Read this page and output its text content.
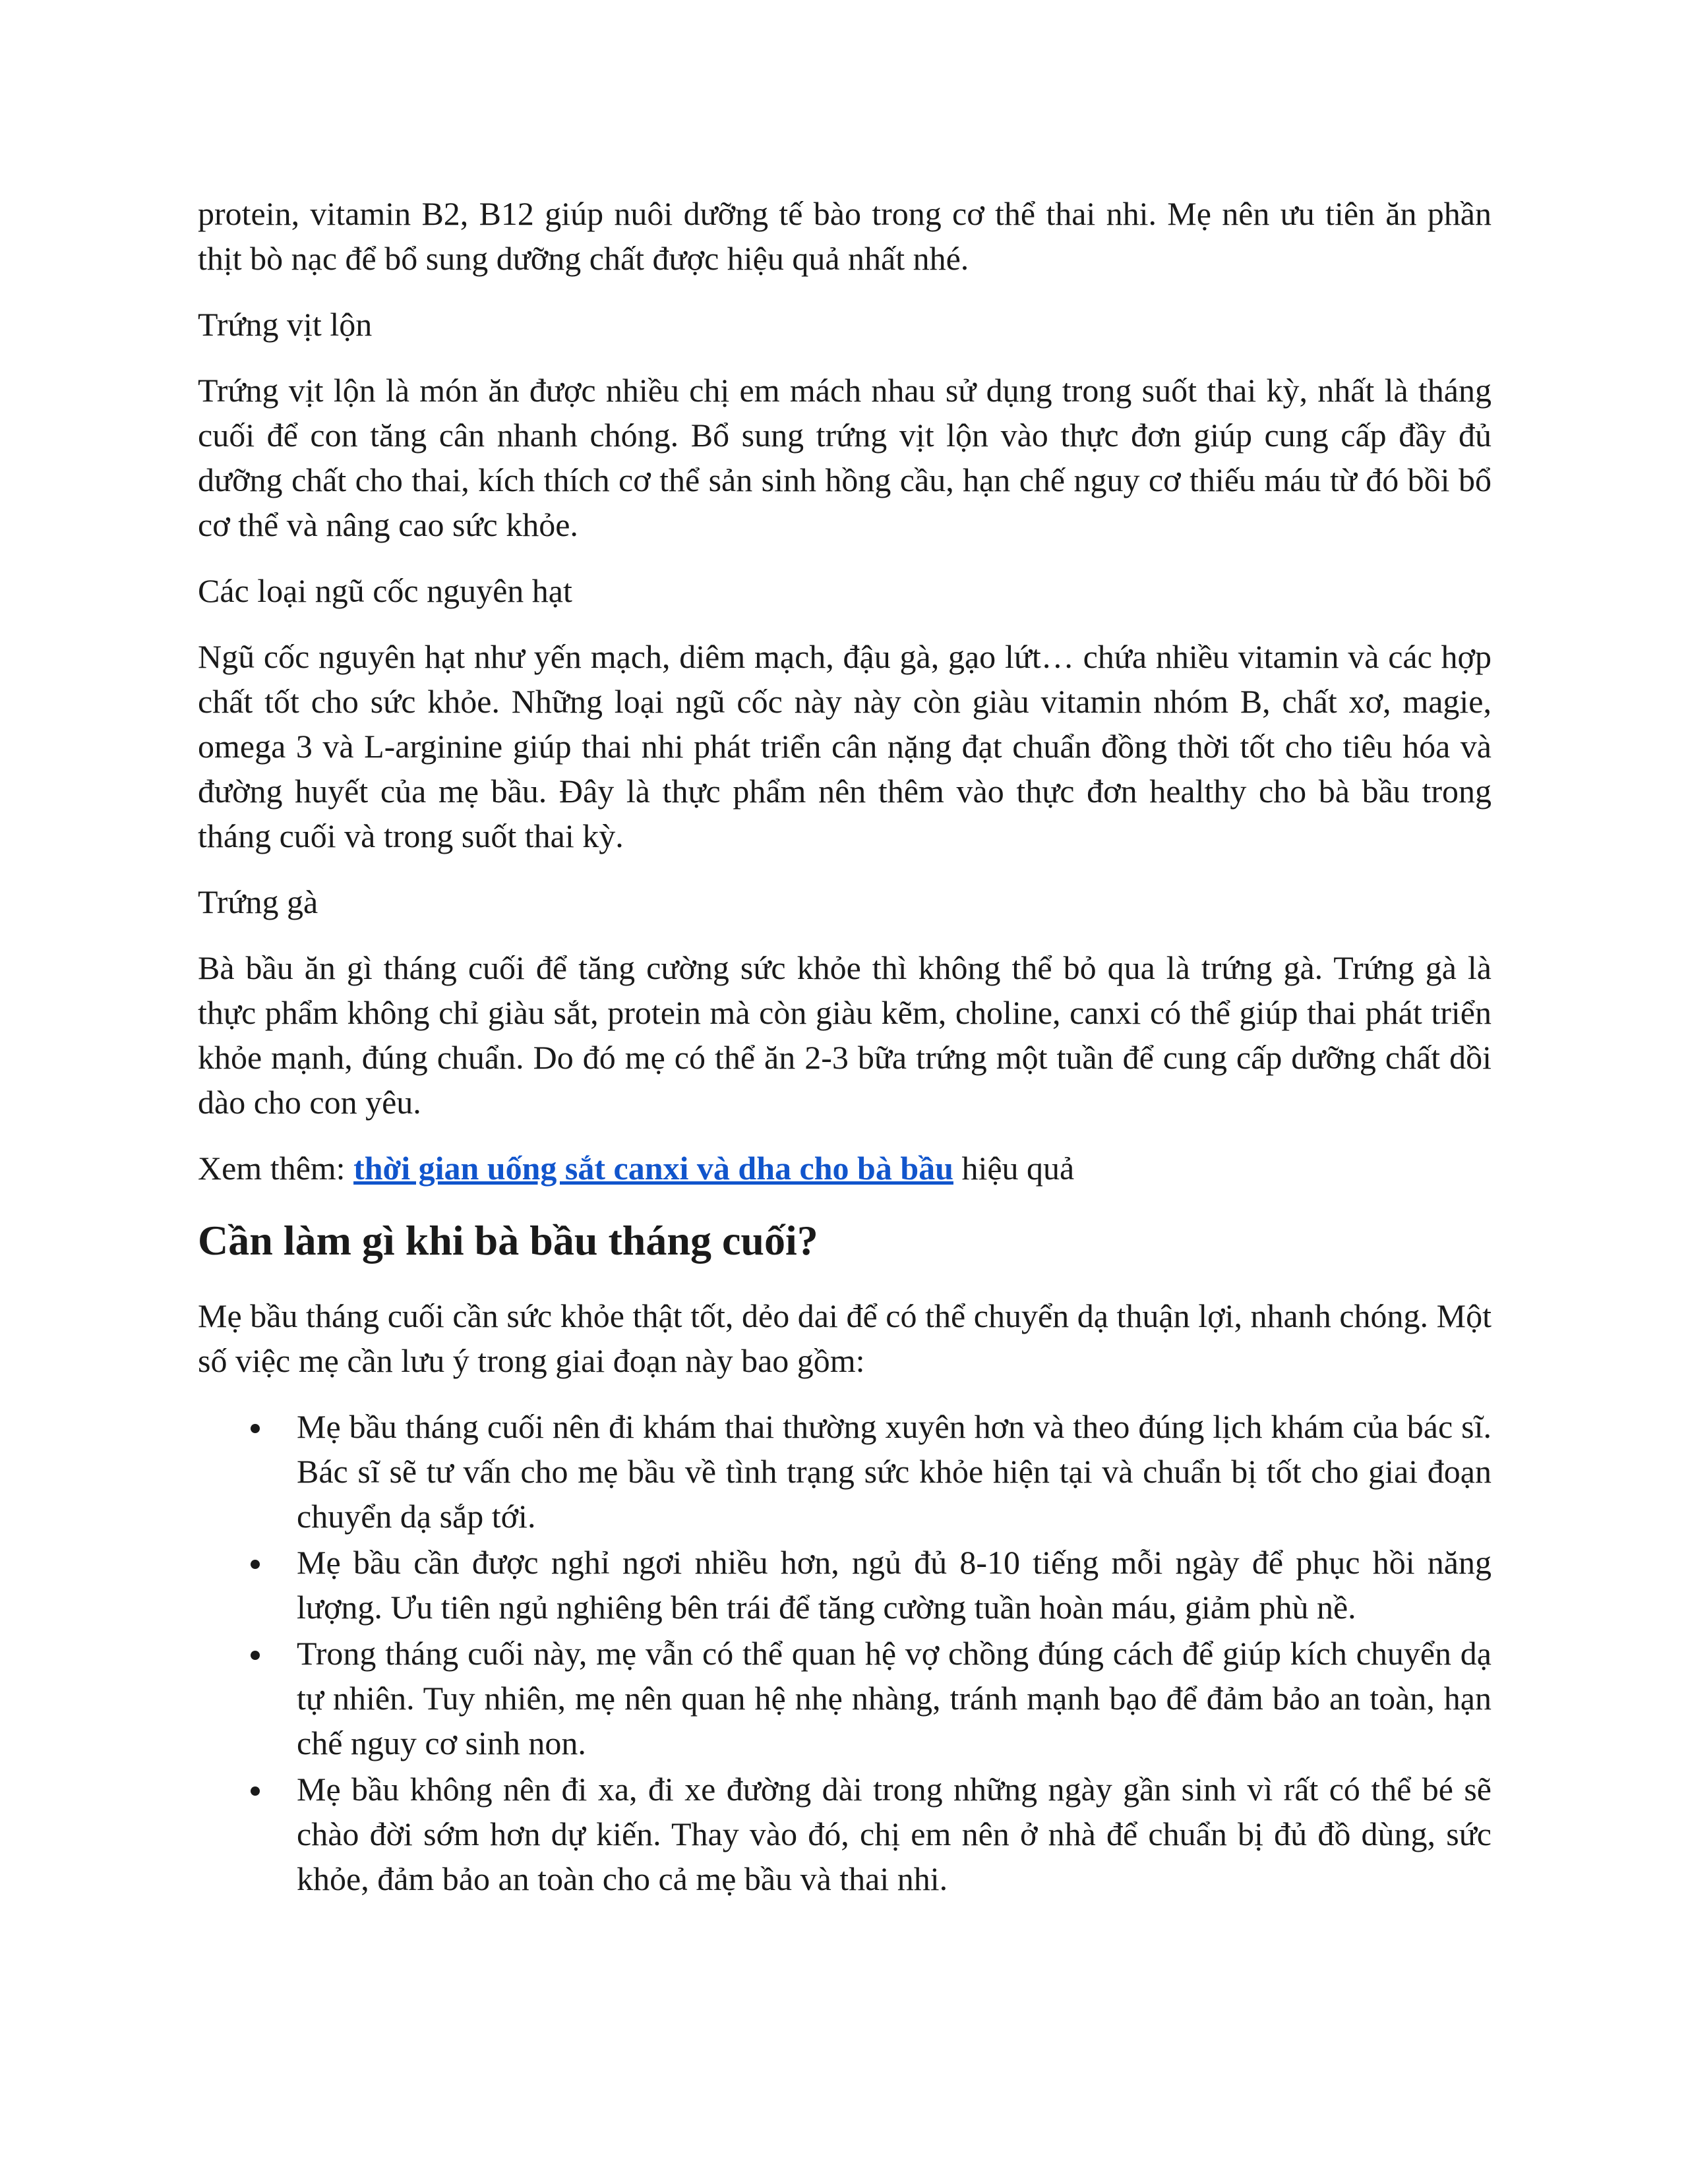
protein, vitamin B2, B12 giúp nuôi dưỡng tế bào trong cơ thể thai nhi. Mẹ nên ưu tiên ăn phần thịt bò nạc để bổ sung dưỡng chất được hiệu quả nhất nhé.

Trứng vịt lộn

Trứng vịt lộn là món ăn được nhiều chị em mách nhau sử dụng trong suốt thai kỳ, nhất là tháng cuối để con tăng cân nhanh chóng. Bổ sung trứng vịt lộn vào thực đơn giúp cung cấp đầy đủ dưỡng chất cho thai, kích thích cơ thể sản sinh hồng cầu, hạn chế nguy cơ thiếu máu từ đó bồi bổ cơ thể và nâng cao sức khỏe.

Các loại ngũ cốc nguyên hạt

Ngũ cốc nguyên hạt như yến mạch, diêm mạch, đậu gà, gạo lứt… chứa nhiều vitamin và các hợp chất tốt cho sức khỏe. Những loại ngũ cốc này này còn giàu vitamin nhóm B, chất xơ, magie, omega 3 và L-arginine giúp thai nhi phát triển cân nặng đạt chuẩn đồng thời tốt cho tiêu hóa và đường huyết của mẹ bầu. Đây là thực phẩm nên thêm vào thực đơn healthy cho bà bầu trong tháng cuối và trong suốt thai kỳ.

Trứng gà

Bà bầu ăn gì tháng cuối để tăng cường sức khỏe thì không thể bỏ qua là trứng gà. Trứng gà là thực phẩm không chỉ giàu sắt, protein mà còn giàu kẽm, choline, canxi có thể giúp thai phát triển khỏe mạnh, đúng chuẩn. Do đó mẹ có thể ăn 2-3 bữa trứng một tuần để cung cấp dưỡng chất dồi dào cho con yêu.

Xem thêm: thời gian uống sắt canxi và dha cho bà bầu hiệu quả

Cần làm gì khi bà bầu tháng cuối?

Mẹ bầu tháng cuối cần sức khỏe thật tốt, dẻo dai để có thể chuyển dạ thuận lợi, nhanh chóng. Một số việc mẹ cần lưu ý trong giai đoạn này bao gồm:

Mẹ bầu tháng cuối nên đi khám thai thường xuyên hơn và theo đúng lịch khám của bác sĩ. Bác sĩ sẽ tư vấn cho mẹ bầu về tình trạng sức khỏe hiện tại và chuẩn bị tốt cho giai đoạn chuyển dạ sắp tới.

Mẹ bầu cần được nghỉ ngơi nhiều hơn, ngủ đủ 8-10 tiếng mỗi ngày để phục hồi năng lượng. Ưu tiên ngủ nghiêng bên trái để tăng cường tuần hoàn máu, giảm phù nề.

Trong tháng cuối này, mẹ vẫn có thể quan hệ vợ chồng đúng cách để giúp kích chuyển dạ tự nhiên. Tuy nhiên, mẹ nên quan hệ nhẹ nhàng, tránh mạnh bạo để đảm bảo an toàn, hạn chế nguy cơ sinh non.

Mẹ bầu không nên đi xa, đi xe đường dài trong những ngày gần sinh vì rất có thể bé sẽ chào đời sớm hơn dự kiến. Thay vào đó, chị em nên ở nhà để chuẩn bị đủ đồ dùng, sức khỏe, đảm bảo an toàn cho cả mẹ bầu và thai nhi.
